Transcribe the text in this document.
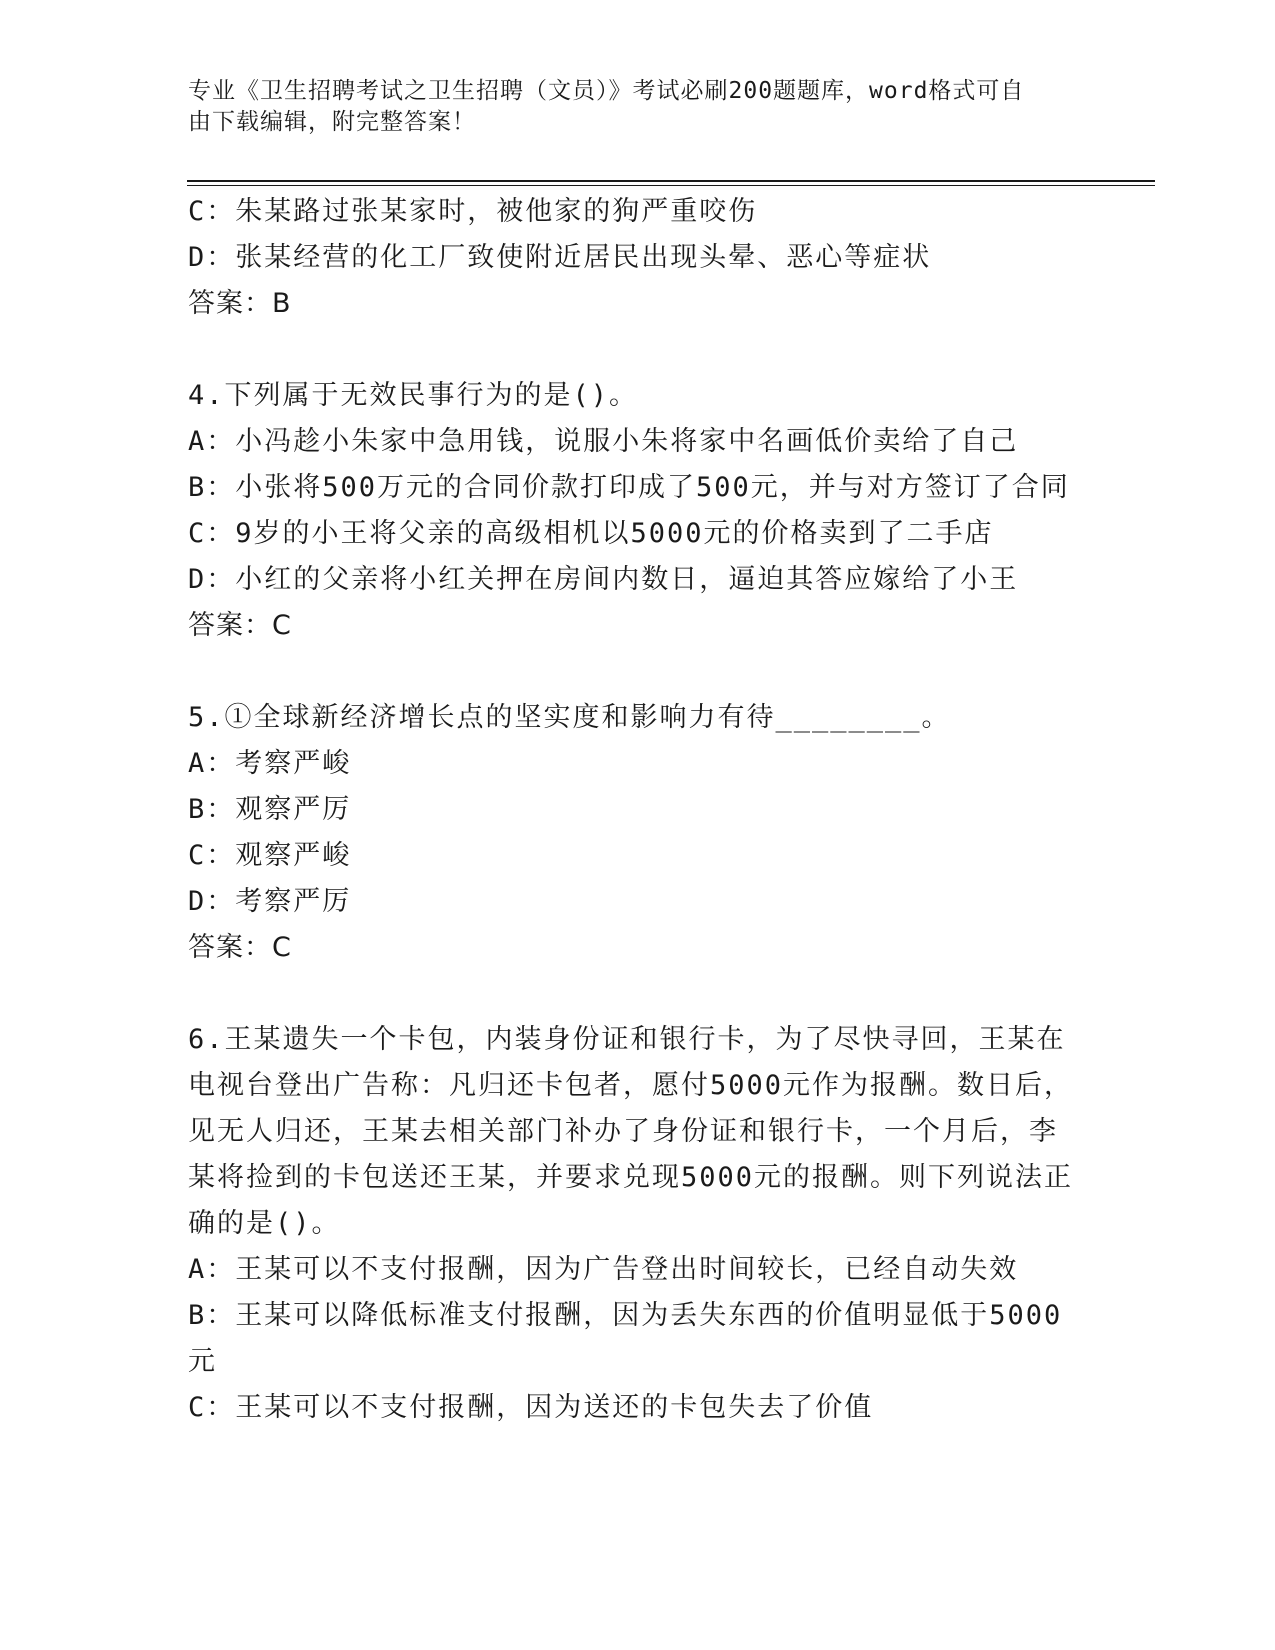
专业《卫生招聘考试之卫生招聘（文员）》考试必刷200题题库，word格式可自
由下载编辑，附完整答案！
C：朱某路过张某家时，被他家的狗严重咬伤
D：张某经营的化工厂致使附近居民出现头晕、恶心等症状
答案：B
4.下列属于无效民事行为的是()。
A：小冯趁小朱家中急用钱，说服小朱将家中名画低价卖给了自己
B：小张将500万元的合同价款打印成了500元，并与对方签订了合同
C：9岁的小王将父亲的高级相机以5000元的价格卖到了二手店
D：小红的父亲将小红关押在房间内数日，逼迫其答应嫁给了小王
答案：C
5.①全球新经济增长点的坚实度和影响力有待________。
A：考察严峻
B：观察严厉
C：观察严峻
D：考察严厉
答案：C
6.王某遗失一个卡包，内装身份证和银行卡，为了尽快寻回，王某在
电视台登出广告称：凡归还卡包者，愿付5000元作为报酬。数日后，
见无人归还，王某去相关部门补办了身份证和银行卡，一个月后，李
某将捡到的卡包送还王某，并要求兑现5000元的报酬。则下列说法正
确的是()。
A：王某可以不支付报酬，因为广告登出时间较长，已经自动失效
B：王某可以降低标准支付报酬，因为丢失东西的价值明显低于5000
元
C：王某可以不支付报酬，因为送还的卡包失去了价值
